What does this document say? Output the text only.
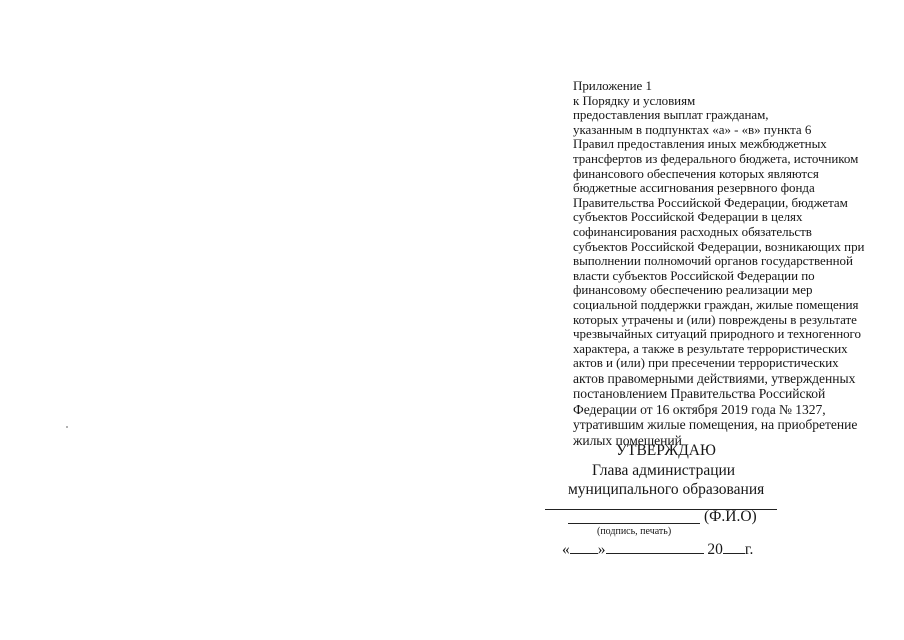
Приложение 1
к Порядку и условиям
предоставления выплат гражданам,
указанным в подпунктах «а» - «в» пункта 6
Правил предоставления иных межбюджетных
трансфертов из федерального бюджета, источником
финансового обеспечения которых являются
бюджетные ассигнования резервного фонда
Правительства Российской Федерации, бюджетам
субъектов Российской Федерации в целях
софинансирования расходных обязательств
субъектов Российской Федерации, возникающих при
выполнении полномочий органов государственной
власти субъектов Российской Федерации по
финансовому обеспечению реализации мер
социальной поддержки граждан, жилые помещения
которых утрачены и (или) повреждены в результате
чрезвычайных ситуаций природного и техногенного
характера, а также в результате террористических
актов и (или) при пресечении террористических
актов правомерными действиями, утвержденных
постановлением Правительства Российской
Федерации от 16 октября 2019 года № 1327,
утратившим жилые помещения, на приобретение
жилых помещений
УТВЕРЖДАЮ
Глава администрации
муниципального образования
(Ф.И.О)
(подпись, печать)
« »	20 г.
